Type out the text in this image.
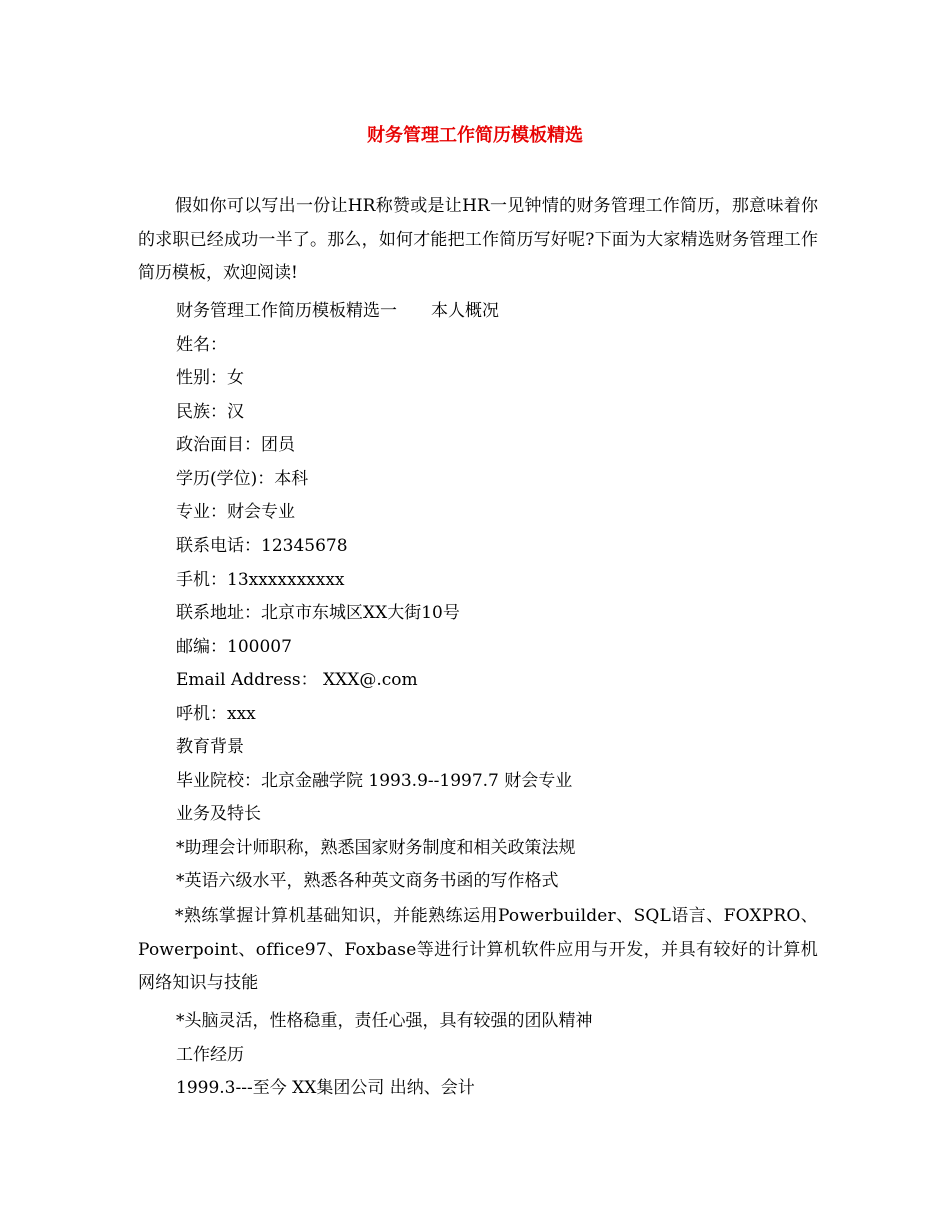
财务管理工作简历模板精选

假如你可以写出一份让HR称赞或是让HR一见钟情的财务管理工作简历，那意味着你的求职已经成功一半了。那么，如何才能把工作简历写好呢?下面为大家精选财务管理工作简历模板，欢迎阅读!

财务管理工作简历模板精选一　　本人概况
姓名：
性别：女
民族：汉
政治面目：团员
学历(学位)：本科
专业：财会专业
联系电话：12345678
手机：13xxxxxxxxxx
联系地址：北京市东城区XX大街10号
邮编：100007
Email Address： XXX@.com
呼机：xxx
教育背景
毕业院校：北京金融学院 1993.9--1997.7 财会专业
业务及特长
*助理会计师职称，熟悉国家财务制度和相关政策法规
*英语六级水平，熟悉各种英文商务书函的写作格式

*熟练掌握计算机基础知识，并能熟练运用Powerbuilder、SQL语言、FOXPRO、Powerpoint、office97、Foxbase等进行计算机软件应用与开发，并具有较好的计算机网络知识与技能

*头脑灵活，性格稳重，责任心强，具有较强的团队精神
工作经历
1999.3---至今 XX集团公司 出纳、会计
